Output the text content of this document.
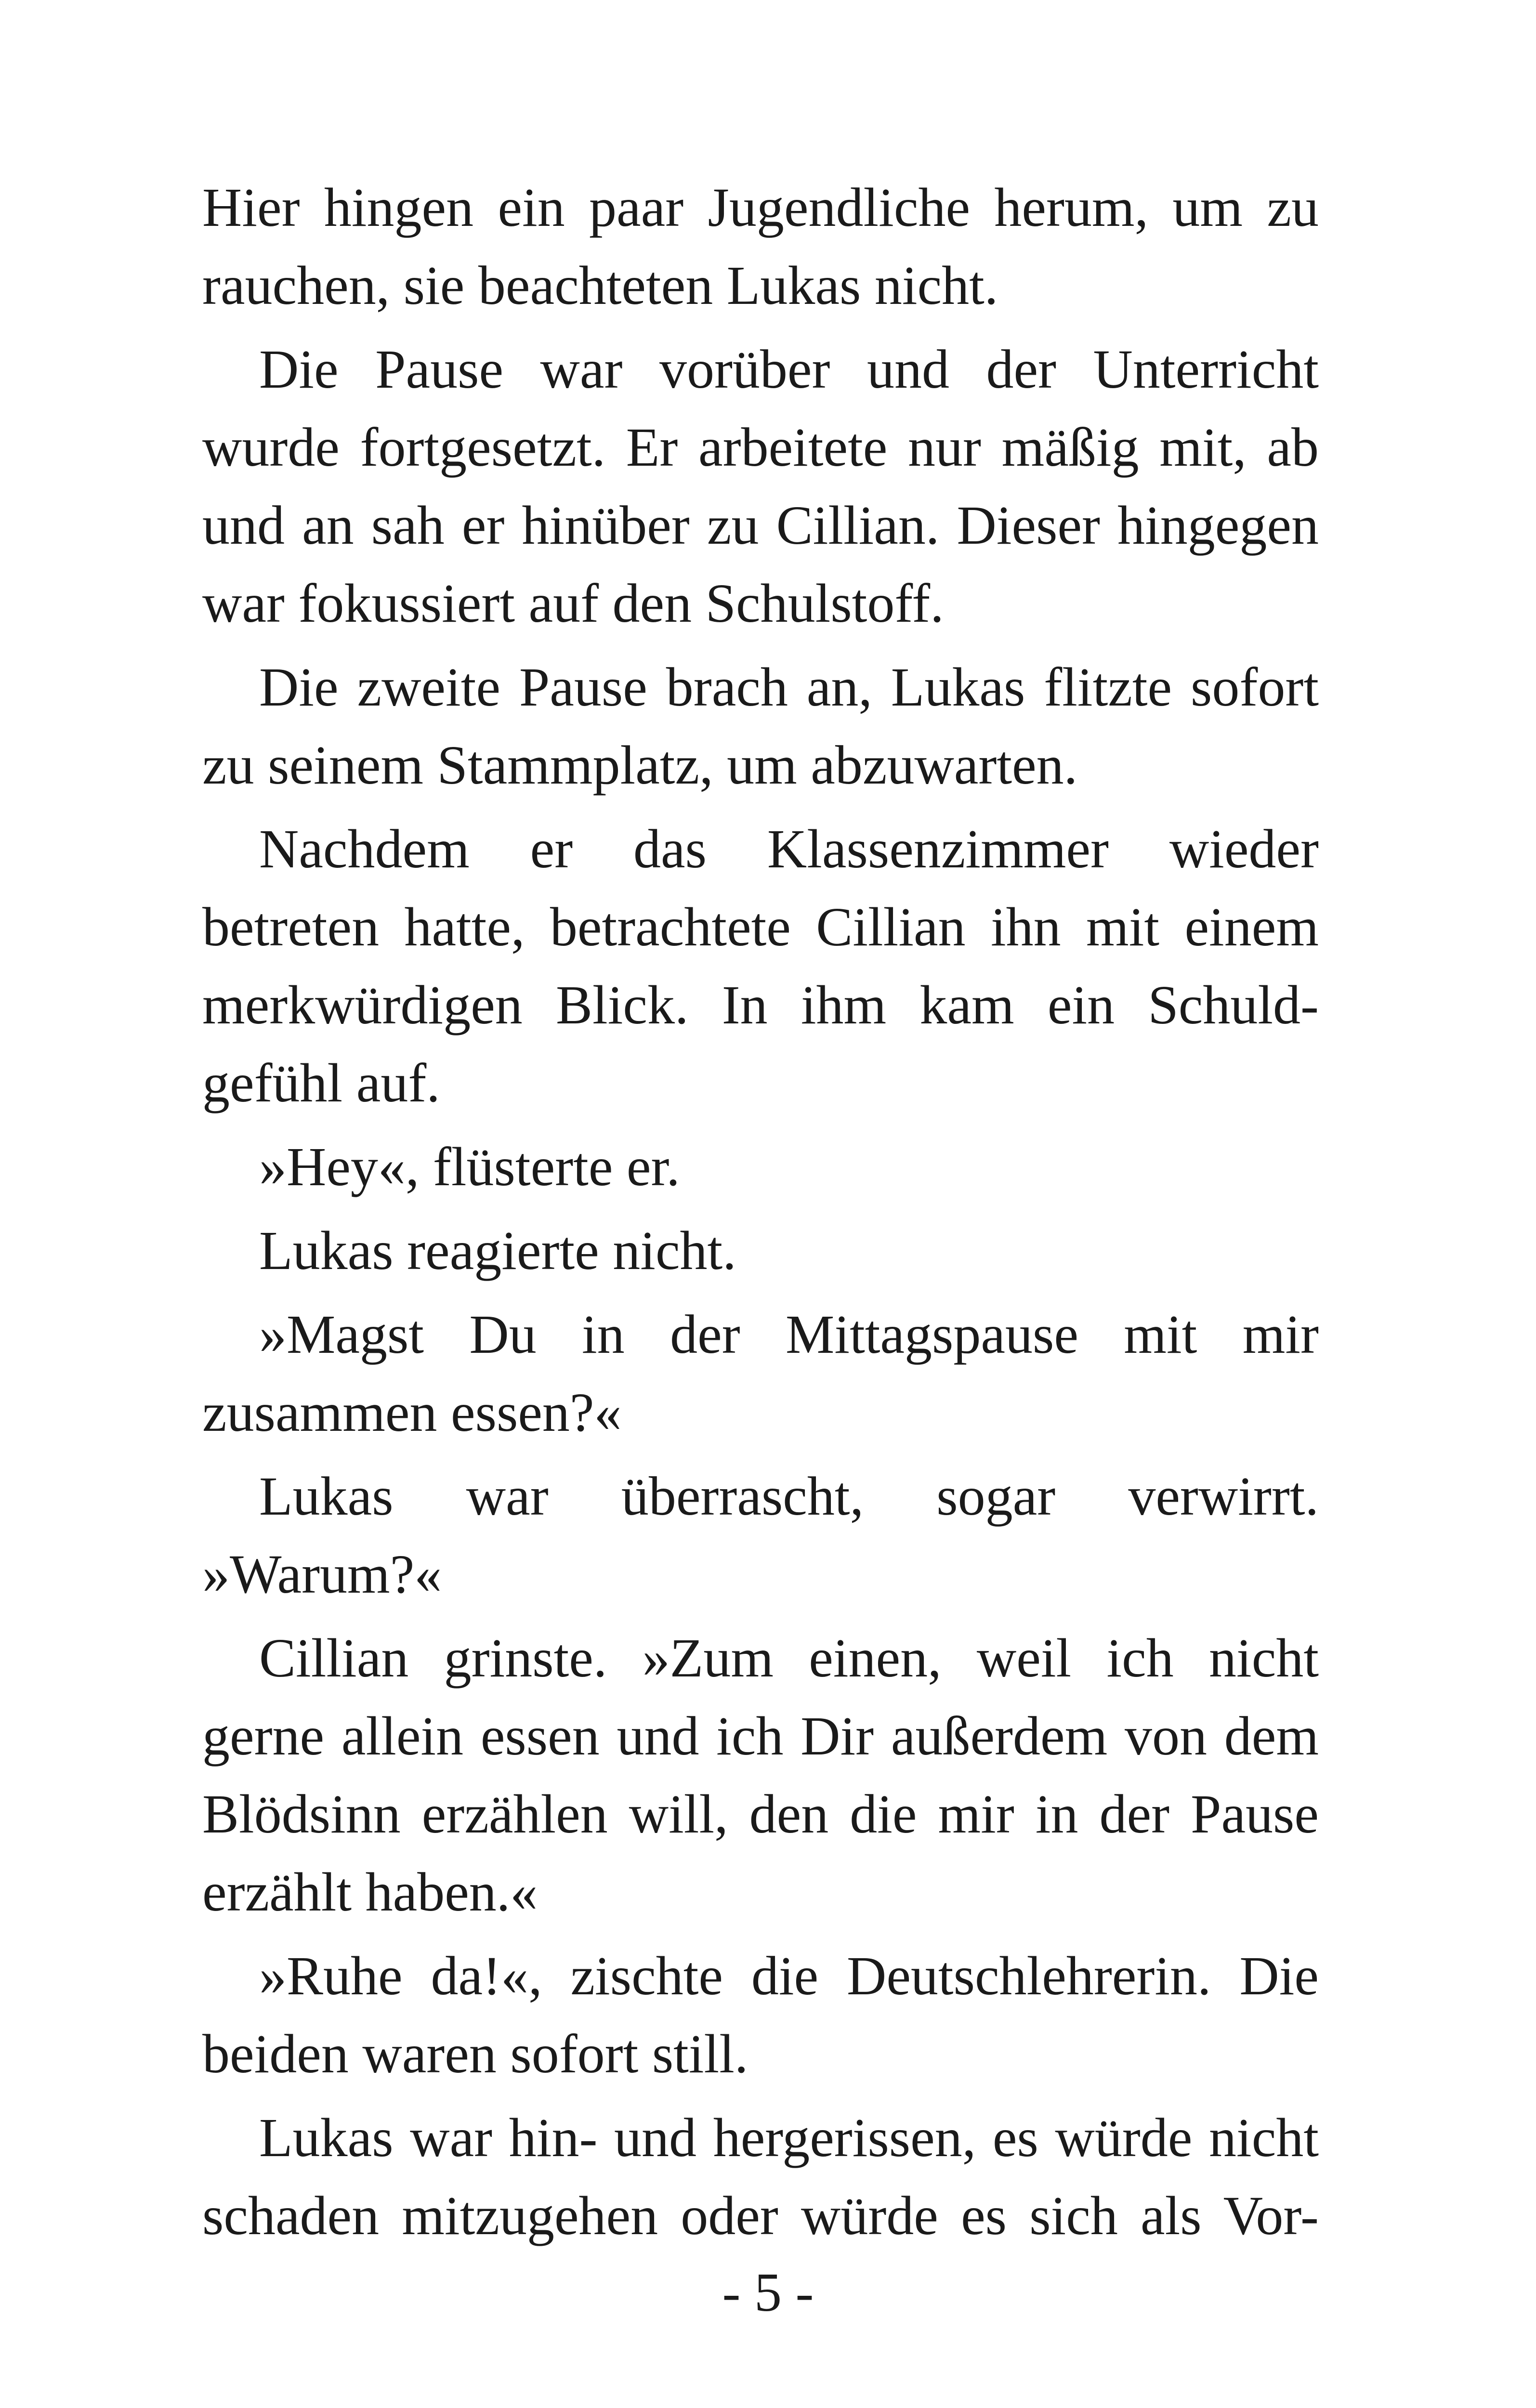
Hier hingen ein paar Jugendliche herum, um zu
rauchen, sie beachteten Lukas nicht.
Die Pause war vorüber und der Unterricht
wurde fortgesetzt. Er arbeitete nur mäßig mit, ab
und an sah er hinüber zu Cillian. Dieser hingegen
war fokussiert auf den Schulstoff.
Die zweite Pause brach an, Lukas flitzte sofort
zu seinem Stammplatz, um abzuwarten.
Nachdem er das Klassenzimmer wieder
betreten hatte, betrachtete Cillian ihn mit einem
merkwürdigen Blick. In ihm kam ein Schuld-
gefühl auf.
»Hey«, flüsterte er.
Lukas reagierte nicht.
»Magst Du in der Mittagspause mit mir
zusammen essen?«
Lukas war überrascht, sogar verwirrt.
»Warum?«
Cillian grinste. »Zum einen, weil ich nicht
gerne allein essen und ich Dir außerdem von dem
Blödsinn erzählen will, den die mir in der Pause
erzählt haben.«
»Ruhe da!«, zischte die Deutschlehrerin. Die
beiden waren sofort still.
Lukas war hin- und hergerissen, es würde nicht
schaden mitzugehen oder würde es sich als Vor-
- 5 -
